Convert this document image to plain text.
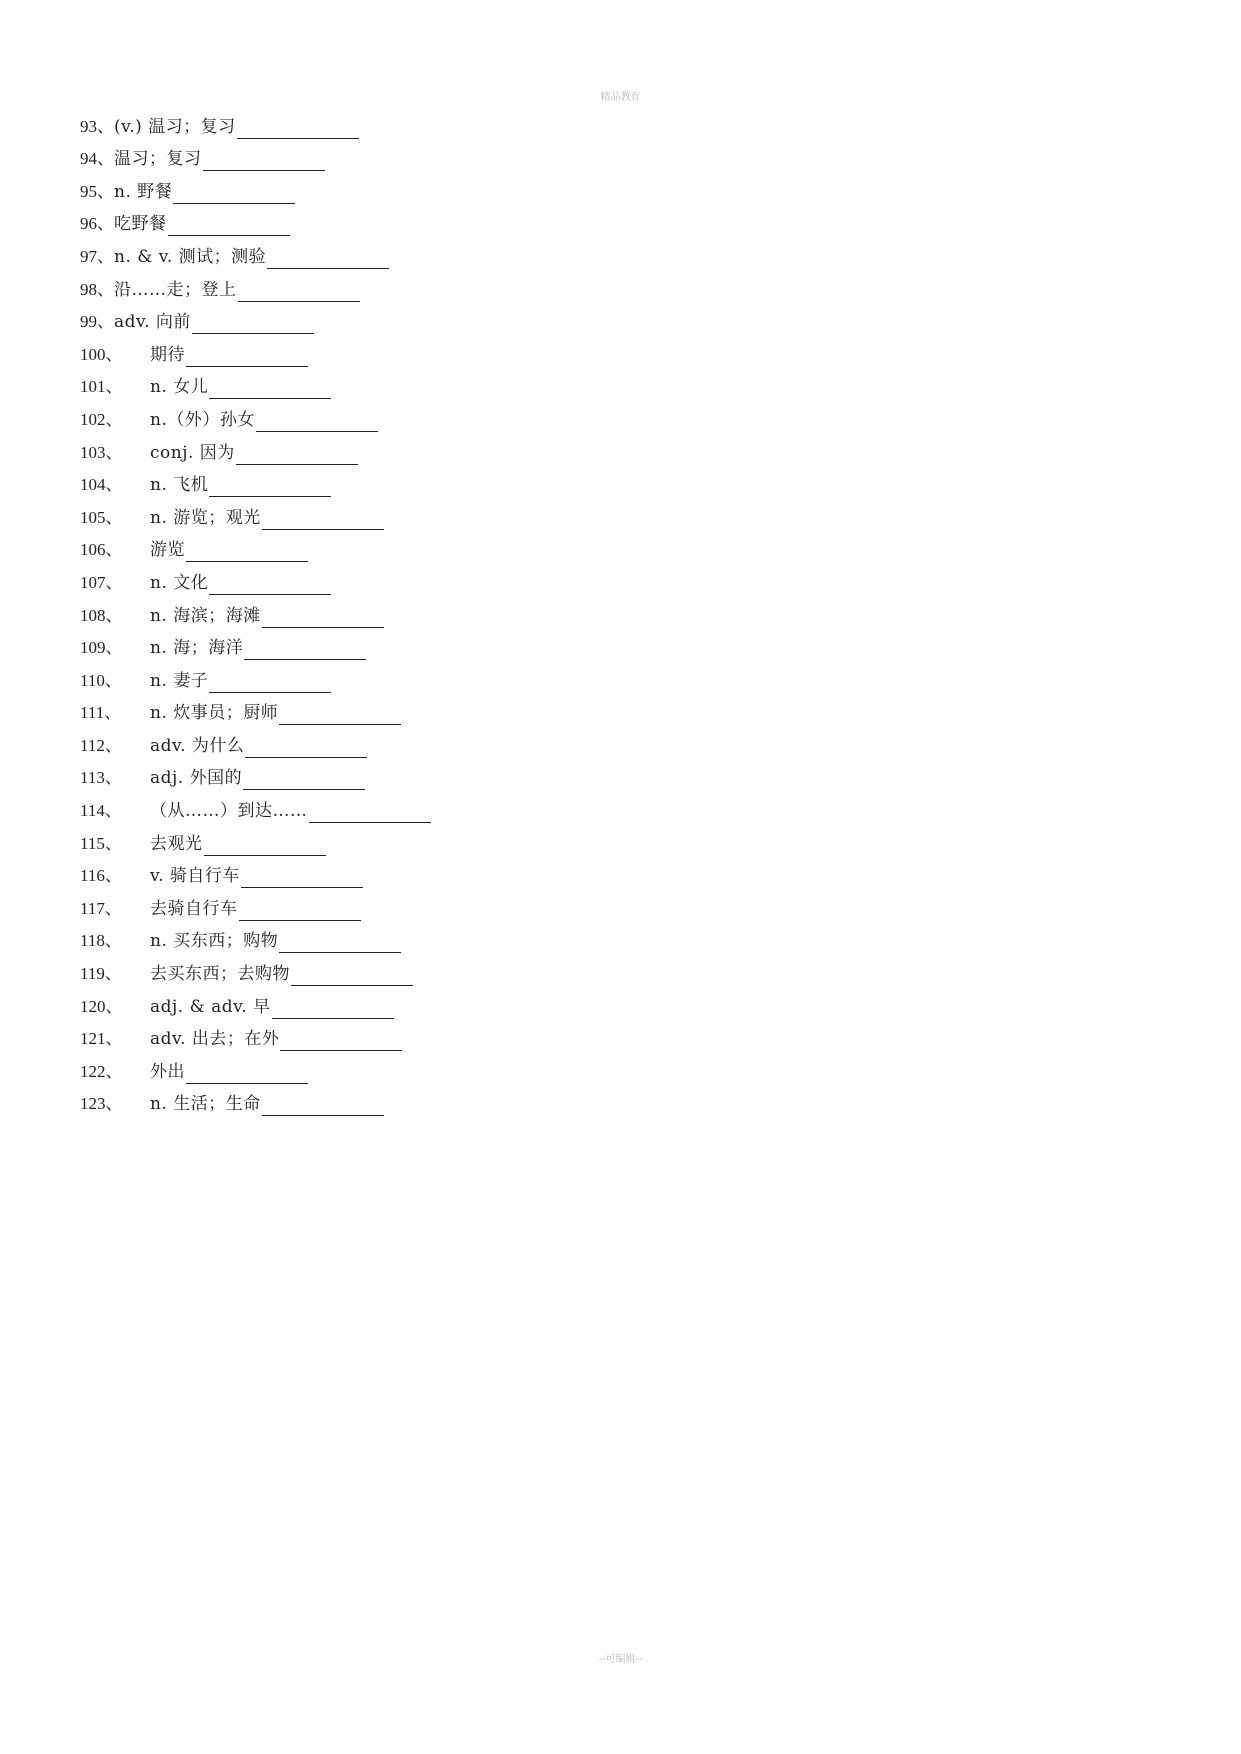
精品教育
93、 (v.) 温习；复习
94、 温习；复习
95、 n. 野餐
96、 吃野餐
97、 n. & v. 测试；测验
98、 沿……走；登上
99、 adv. 向前
100、	期待
101、	n. 女儿
102、	n.（外）孙女
103、	conj. 因为
104、	n. 飞机
105、	n. 游览；观光
106、	游览
107、	n. 文化
108、	n. 海滨；海滩
109、	n. 海；海洋
110、	n. 妻子
111、	n. 炊事员；厨师
112、	adv. 为什么
113、	adj. 外国的
114、	（从……）到达……
115、	去观光
116、	v. 骑自行车
117、	去骑自行车
118、	n. 买东西；购物
119、	去买东西；去购物
120、	adj. & adv. 早
121、	adv. 出去；在外
122、	外出
123、	n. 生活；生命
--可编辑--
